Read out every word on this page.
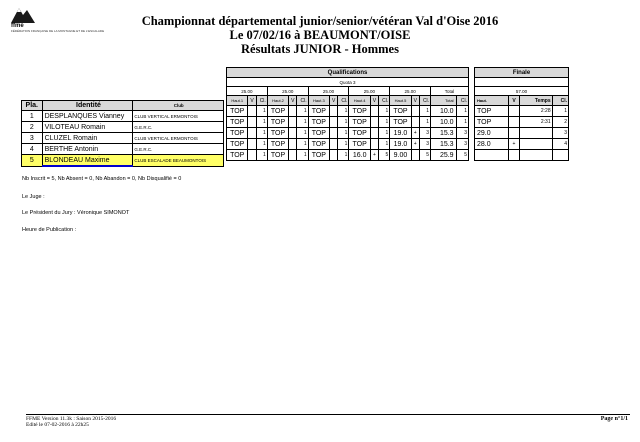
ffme
FÉDÉRATION FRANÇAISE DE LA MONTAGNE ET DE L'ESCALADE
Championnat départemental junior/senior/vétéran Val d'Oise 2016
Le 07/02/16 à BEAUMONT/OISE
Résultats JUNIOR - Hommes
Pla.	Identité	Club
1	DESPLANQUES Vianney	CLUB VERTICAL ERMONTOIS
2	VILOTEAU Romain	G.E.R.C.
3	CLUZEL Romain	CLUB VERTICAL ERMONTOIS
4	BERTHE Antonin	G.E.R.C.
5	BLONDEAU Maxime	CLUB ESCALADE BEAUMONTOIS
Qualifications																
Quota 3																
25.00			25.00			25.00			25.00			25.00			Total	
Haut.1	V	Cl.	Haut.2	V	Cl.	Haut.3	V	Cl.	Haut.4	V	Cl.	Haut.5	V	Cl.	Total	Cl.
TOP		1	TOP		1	TOP		1	TOP		1	TOP		1	10.0	1
TOP		1	TOP		1	TOP		1	TOP		1	TOP		1	10.0	1
TOP		1	TOP		1	TOP		1	TOP		1	19.0	+	3	15.3	3
TOP		1	TOP		1	TOP		1	TOP		1	19.0	+	3	15.3	3
TOP		1	TOP		1	TOP		1	16.0	+	5	9.00		5	25.9	5
Finale			

57.00			
Haut.	V	Temps	Cl.
TOP		2:28	1
TOP		2:31	2
29.0			3
28.0	+		4

Nb Inscrit = 5, Nb Absent = 0, Nb Abandon = 0, Nb Disqualifié = 0
Le Juge :
Le Président du Jury : Véronique SIMONOT
Heure de Publication :
FFME Version 11.3k : Saison 2015-2016
Edité le 07-02-2016 à 22h25
Page n°1/1
